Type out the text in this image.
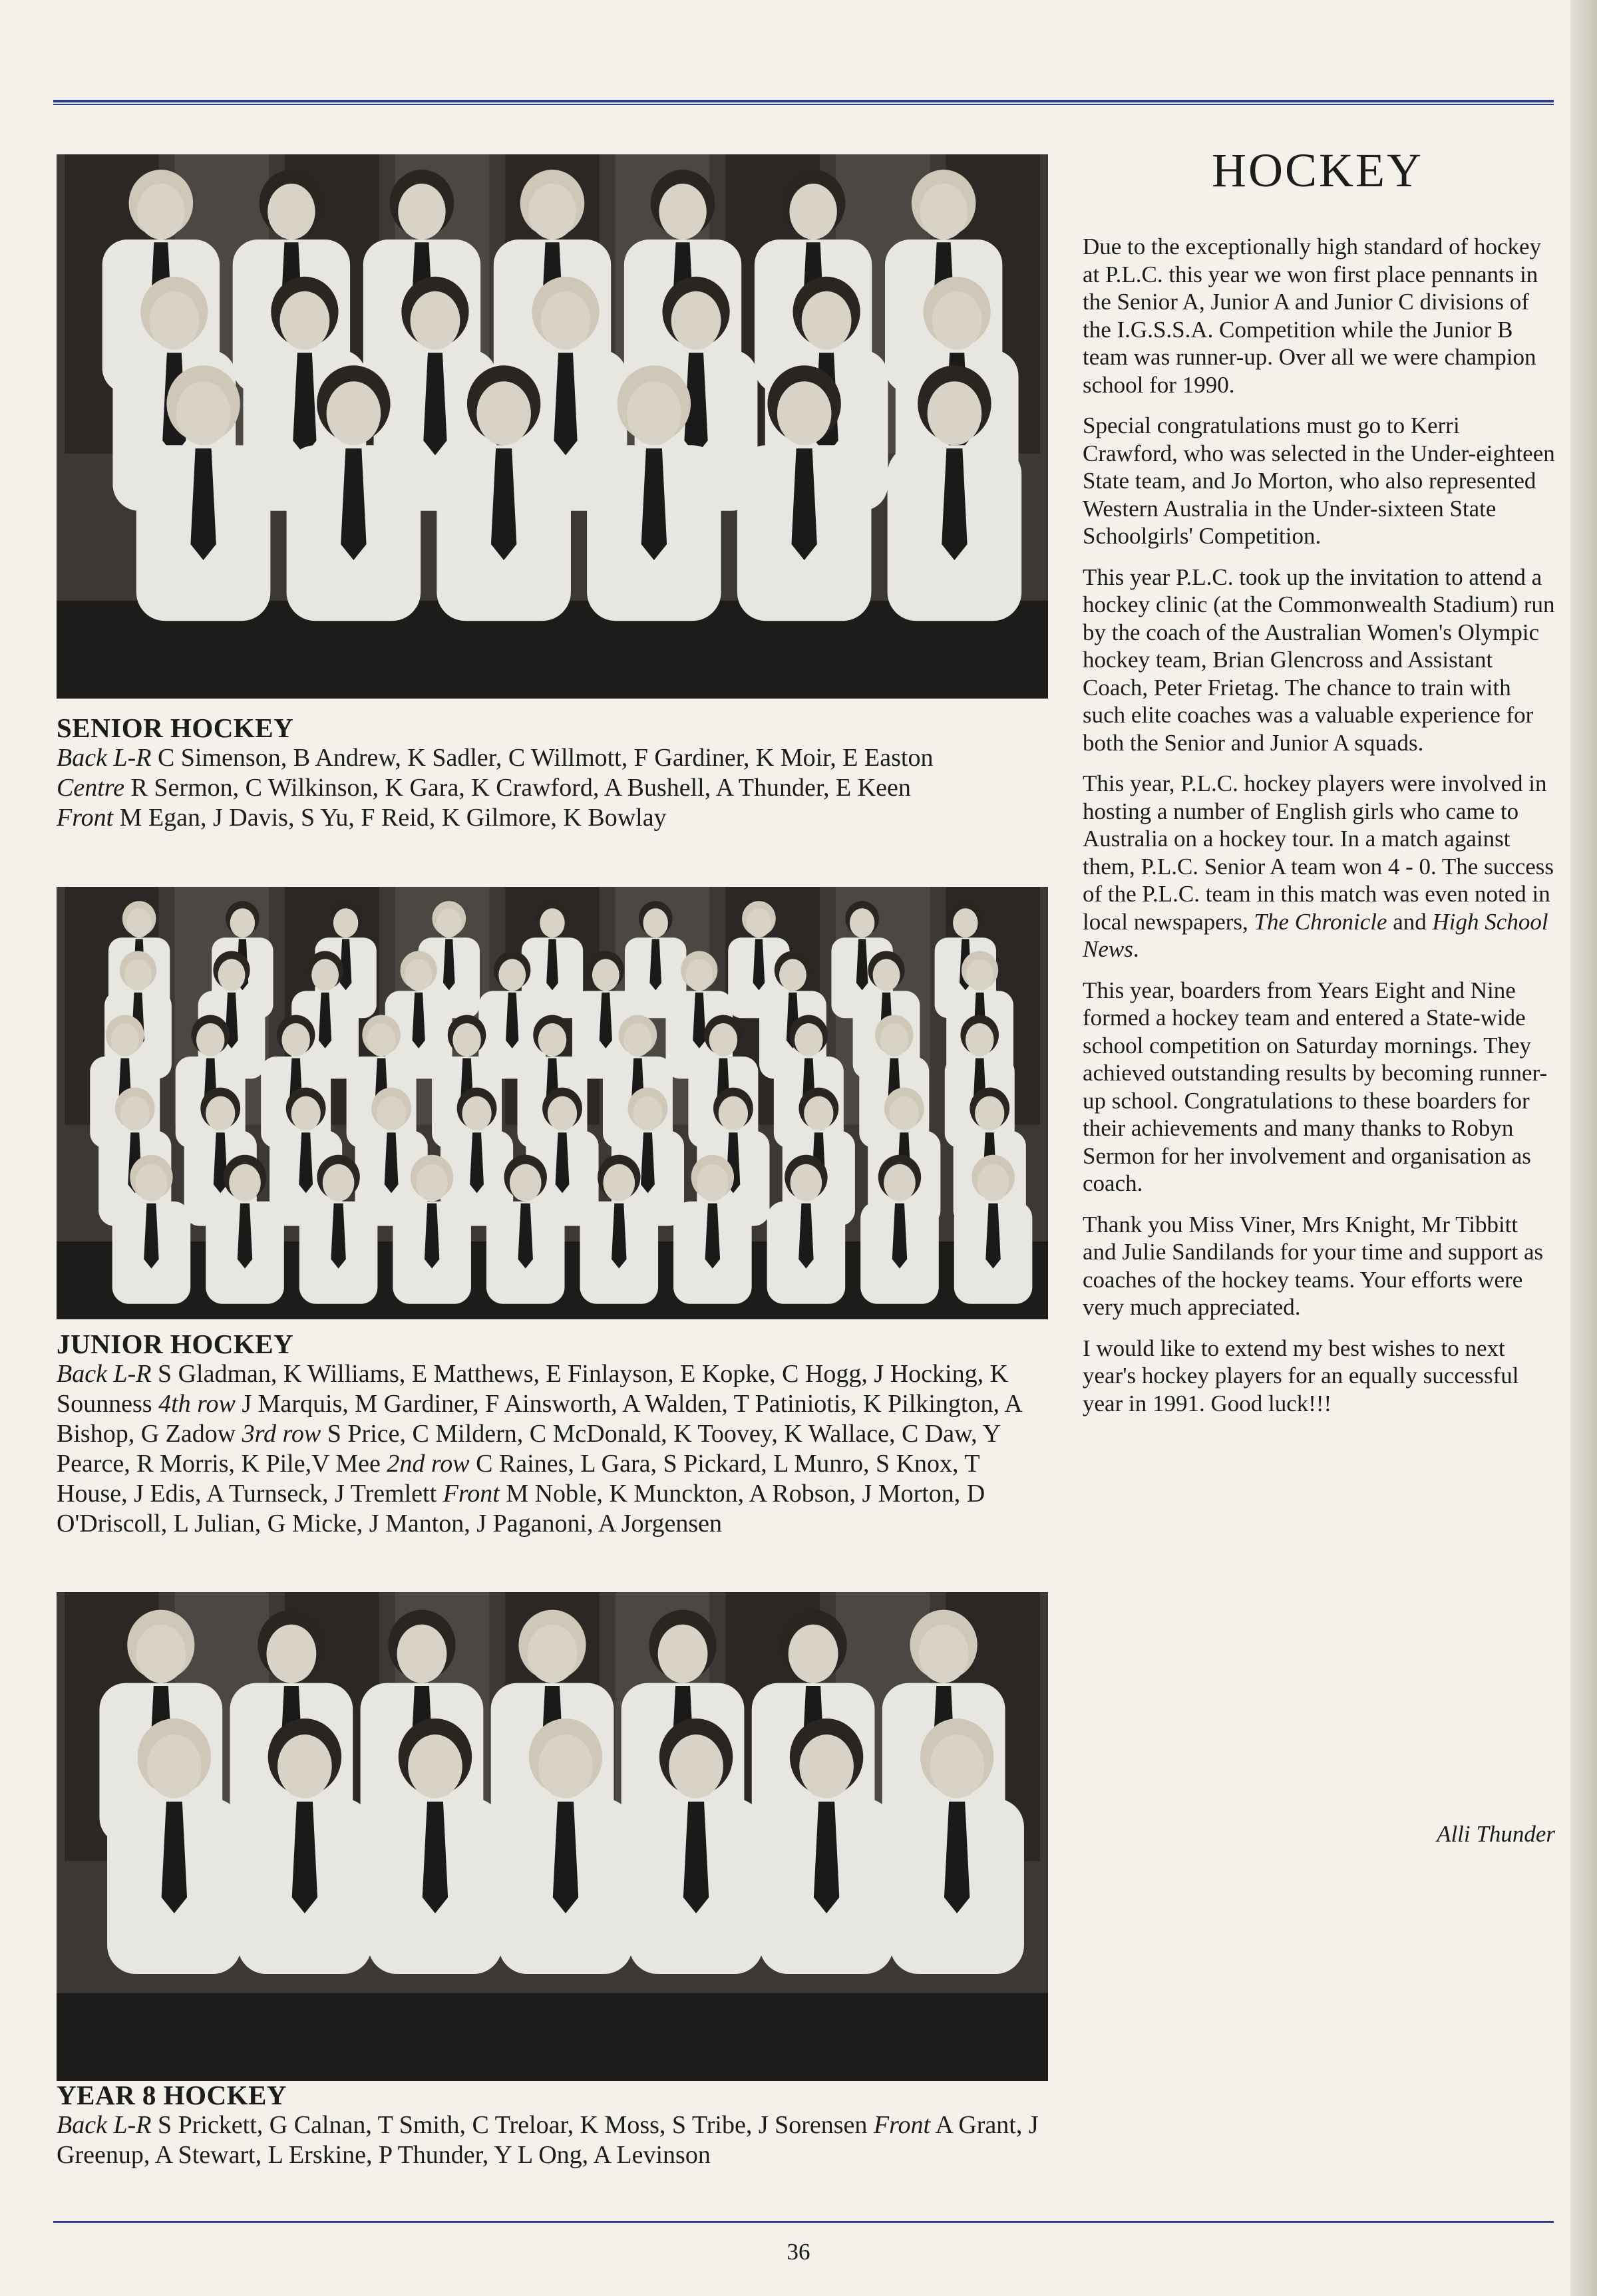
SENIOR HOCKEY
Back L-R C Simenson, B Andrew, K Sadler, C Willmott, F Gardiner, K Moir, E Easton
Centre R Sermon, C Wilkinson, K Gara, K Crawford, A Bushell, A Thunder, E Keen
Front M Egan, J Davis, S Yu, F Reid, K Gilmore, K Bowlay
JUNIOR HOCKEY
Back L-R S Gladman, K Williams, E Matthews, E Finlayson, E Kopke, C Hogg, J Hocking, K Sounness 4th row J Marquis, M Gardiner, F Ainsworth, A Walden, T Patiniotis, K Pilkington, A Bishop, G Zadow 3rd row S Price, C Mildern, C McDonald, K Toovey, K Wallace, C Daw, Y Pearce, R Morris, K Pile,V Mee 2nd row C Raines, L Gara, S Pickard, L Munro, S Knox, T House, J Edis, A Turnseck, J Tremlett Front M Noble, K Munckton, A Robson, J Morton, D O'Driscoll, L Julian, G Micke, J Manton, J Paganoni, A Jorgensen
YEAR 8 HOCKEY
Back L-R S Prickett, G Calnan, T Smith, C Treloar, K Moss, S Tribe, J Sorensen Front A Grant, J Greenup, A Stewart, L Erskine, P Thunder, Y L Ong, A Levinson
HOCKEY

Due to the exceptionally high standard of hockey at P.L.C. this year we won first place pennants in the Senior A, Junior A and Junior C divisions of the I.G.S.S.A. Competition while the Junior B team was runner-up. Over all we were champion school for 1990.

Special congratulations must go to Kerri Crawford, who was selected in the Under-eighteen State team, and Jo Morton, who also represented Western Australia in the Under-sixteen State Schoolgirls' Competition.

This year P.L.C. took up the invitation to attend a hockey clinic (at the Commonwealth Stadium) run by the coach of the Australian Women's Olympic hockey team, Brian Glencross and Assistant Coach, Peter Frietag. The chance to train with such elite coaches was a valuable experience for both the Senior and Junior A squads.

This year, P.L.C. hockey players were involved in hosting a number of English girls who came to Australia on a hockey tour. In a match against them, P.L.C. Senior A team won 4 - 0. The success of the P.L.C. team in this match was even noted in local newspapers, The Chronicle and High School News.

This year, boarders from Years Eight and Nine formed a hockey team and entered a State-wide school competition on Saturday mornings. They achieved outstanding results by becoming runner-up school. Congratulations to these boarders for their achievements and many thanks to Robyn Sermon for her involvement and organisation as coach.

Thank you Miss Viner, Mrs Knight, Mr Tibbitt and Julie Sandilands for your time and support as coaches of the hockey teams. Your efforts were very much appreciated.

I would like to extend my best wishes to next year's hockey players for an equally successful year in 1991. Good luck!!!

Alli Thunder
36
